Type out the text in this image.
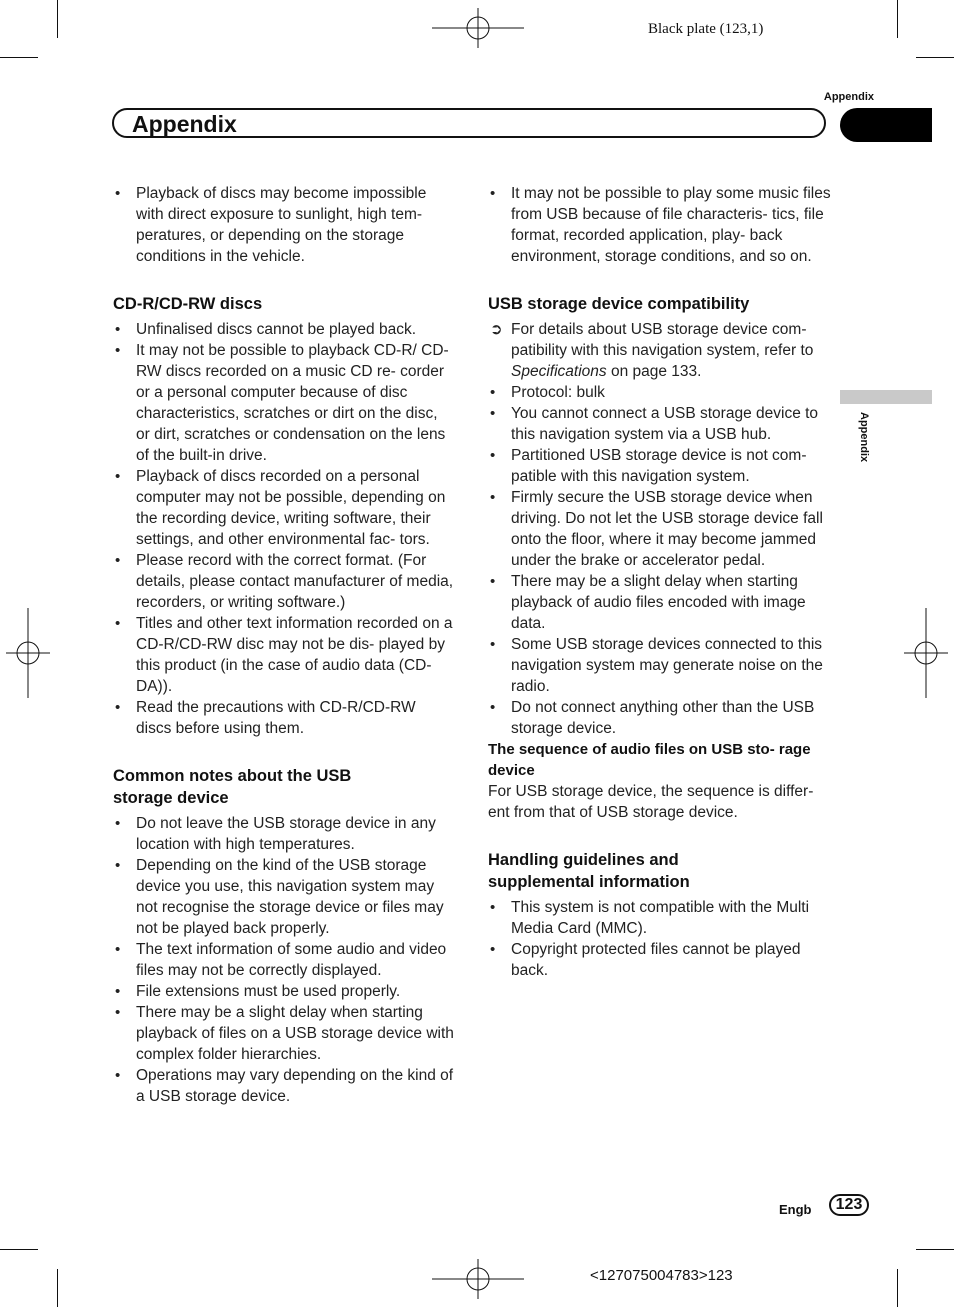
Black plate (123,1)
Appendix
Appendix
Appendix
• Playback of discs may become impossible with direct exposure to sunlight, high tem- peratures, or depending on the storage conditions in the vehicle.
CD-R/CD-RW discs
• Unfinalised discs cannot be played back.
• It may not be possible to playback CD-R/ CD-RW discs recorded on a music CD re- corder or a personal computer because of disc characteristics, scratches or dirt on the disc, or dirt, scratches or condensation on the lens of the built-in drive.
• Playback of discs recorded on a personal computer may not be possible, depending on the recording device, writing software, their settings, and other environmental fac- tors.
• Please record with the correct format. (For details, please contact manufacturer of media, recorders, or writing software.)
• Titles and other text information recorded on a CD-R/CD-RW disc may not be dis- played by this product (in the case of audio data (CD-DA)).
• Read the precautions with CD-R/CD-RW discs before using them.
Common notes about the USB
storage device
• Do not leave the USB storage device in any location with high temperatures.
• Depending on the kind of the USB storage device you use, this navigation system may not recognise the storage device or files may not be played back properly.
• The text information of some audio and video files may not be correctly displayed.
• File extensions must be used properly.
• There may be a slight delay when starting playback of files on a USB storage device with complex folder hierarchies.
• Operations may vary depending on the kind of a USB storage device.
• It may not be possible to play some music files from USB because of file characteris- tics, file format, recorded application, play- back environment, storage conditions, and so on.
USB storage device compatibility
➲ For details about USB storage device com- patibility with this navigation system, refer to Specifications on page 133.
• Protocol: bulk
• You cannot connect a USB storage device to this navigation system via a USB hub.
• Partitioned USB storage device is not com- patible with this navigation system.
• Firmly secure the USB storage device when driving. Do not let the USB storage device fall onto the floor, where it may become jammed under the brake or accelerator pedal.
• There may be a slight delay when starting playback of audio files encoded with image data.
• Some USB storage devices connected to this navigation system may generate noise on the radio.
• Do not connect anything other than the USB storage device.
The sequence of audio files on USB sto- rage device

For USB storage device, the sequence is differ- ent from that of USB storage device.

Handling guidelines and
supplemental information
• This system is not compatible with the Multi Media Card (MMC).
• Copyright protected files cannot be played back.
Engb	123
<127075004783>123
